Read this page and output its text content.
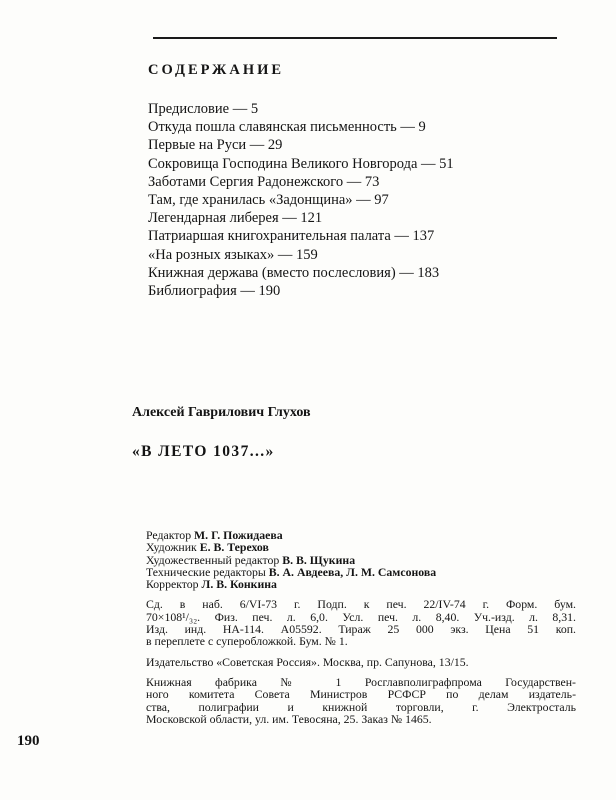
СОДЕРЖАНИЕ
Предисловие — 5
Откуда пошла славянская письменность — 9
Первые на Руси — 29
Сокровища Господина Великого Новгорода — 51
Заботами Сергия Радонежского — 73
Там, где хранилась «Задонщина» — 97
Легендарная либерея — 121
Патриаршая книгохранительная палата — 137
«На розных языках» — 159
Книжная держава (вместо послесловия) — 183
Библиография — 190
Алексей Гаврилович Глухов
«В ЛЕТО 1037...»
Редактор М. Г. Пожидаева
Художник Е. В. Терехов
Художественный редактор В. В. Щукина
Технические редакторы В. А. Авдеева, Л. М. Самсонова
Корректор Л. В. Конкина
Сд. в наб. 6/VI-73 г. Подп. к печ. 22/IV-74 г. Форм. бум.
70×108¹/₃₂. Физ. печ. л. 6,0. Усл. печ. л. 8,40. Уч.-изд. л. 8,31.
Изд. инд. НА-114. А05592. Тираж 25 000 экз. Цена 51 коп.
в переплете с суперобложкой. Бум. № 1.
Издательство «Советская Россия». Москва, пр. Сапунова, 13/15.
Книжная фабрика № 1 Росглавполиграфпрома Государствен-
ного комитета Совета Министров РСФСР по делам издатель-
ства, полиграфии и книжной торговли, г. Электросталь
Московской области, ул. им. Тевосяна, 25. Заказ № 1465.
190
